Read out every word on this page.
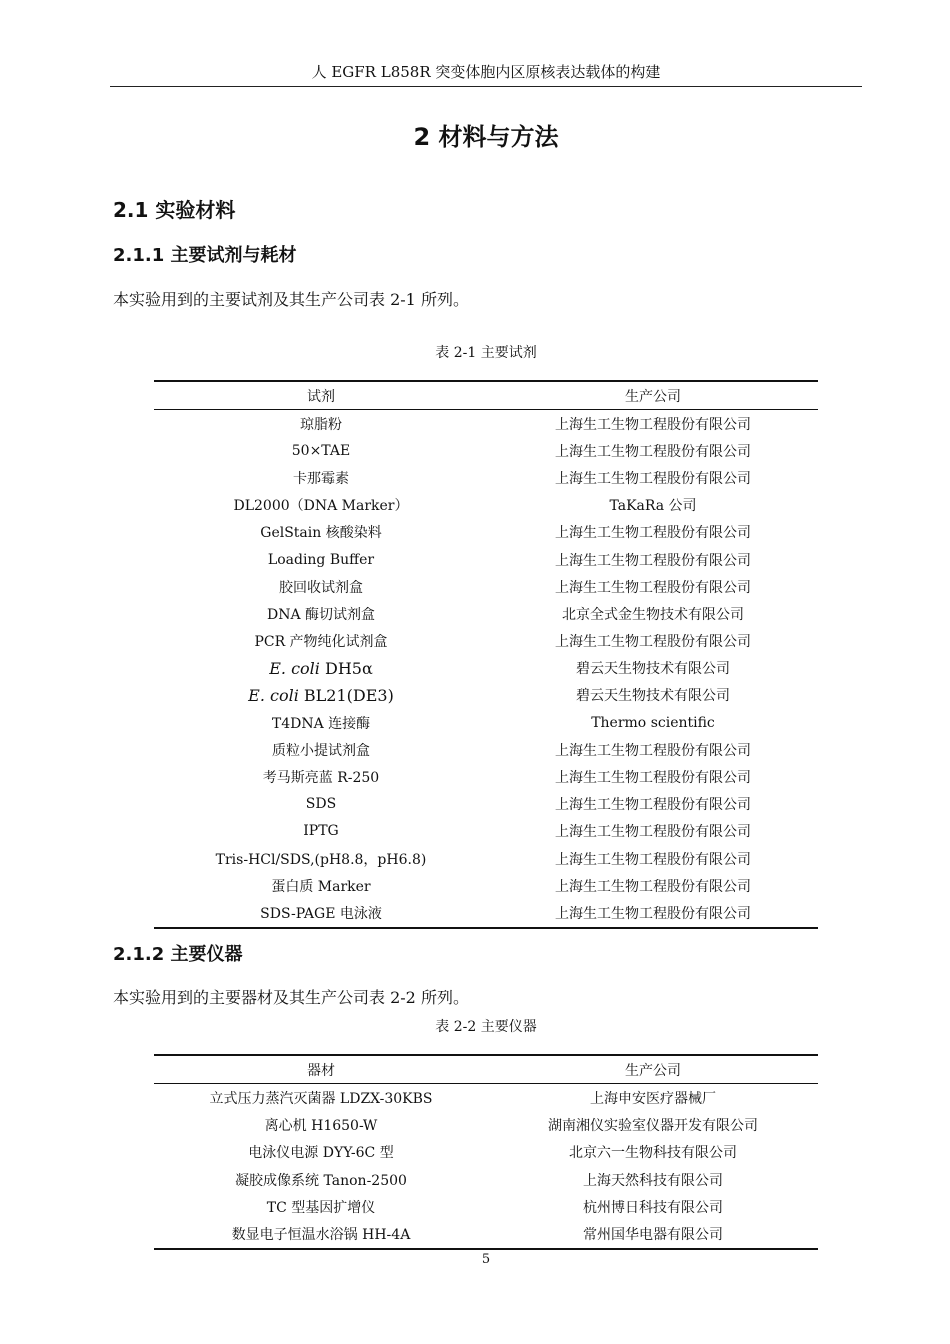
人 EGFR L858R 突变体胞内区原核表达载体的构建
2 材料与方法
2.1 实验材料
2.1.1 主要试剂与耗材
本实验用到的主要试剂及其生产公司表 2-1 所列。
表 2-1 主要试剂
试剂	生产公司
琼脂粉	上海生工生物工程股份有限公司
50×TAE	上海生工生物工程股份有限公司
卡那霉素	上海生工生物工程股份有限公司
DL2000（DNA Marker）	TaKaRa 公司
GelStain 核酸染料	上海生工生物工程股份有限公司
Loading Buffer	上海生工生物工程股份有限公司
胶回收试剂盒	上海生工生物工程股份有限公司
DNA 酶切试剂盒	北京全式金生物技术有限公司
PCR 产物纯化试剂盒	上海生工生物工程股份有限公司
E. coli DH5α	碧云天生物技术有限公司
E. coli BL21(DE3)	碧云天生物技术有限公司
T4DNA 连接酶	Thermo scientific
质粒小提试剂盒	上海生工生物工程股份有限公司
考马斯亮蓝 R-250	上海生工生物工程股份有限公司
SDS	上海生工生物工程股份有限公司
IPTG	上海生工生物工程股份有限公司
Tris-HCl/SDS,(pH8.8，pH6.8)	上海生工生物工程股份有限公司
蛋白质 Marker	上海生工生物工程股份有限公司
SDS-PAGE 电泳液	上海生工生物工程股份有限公司
2.1.2 主要仪器
本实验用到的主要器材及其生产公司表 2-2 所列。
表 2-2 主要仪器
器材	生产公司
立式压力蒸汽灭菌器 LDZX-30KBS	上海申安医疗器械厂
离心机 H1650-W	湖南湘仪实验室仪器开发有限公司
电泳仪电源 DYY-6C 型	北京六一生物科技有限公司
凝胶成像系统 Tanon-2500	上海天然科技有限公司
TC 型基因扩增仪	杭州博日科技有限公司
数显电子恒温水浴锅 HH-4A	常州国华电器有限公司
5
